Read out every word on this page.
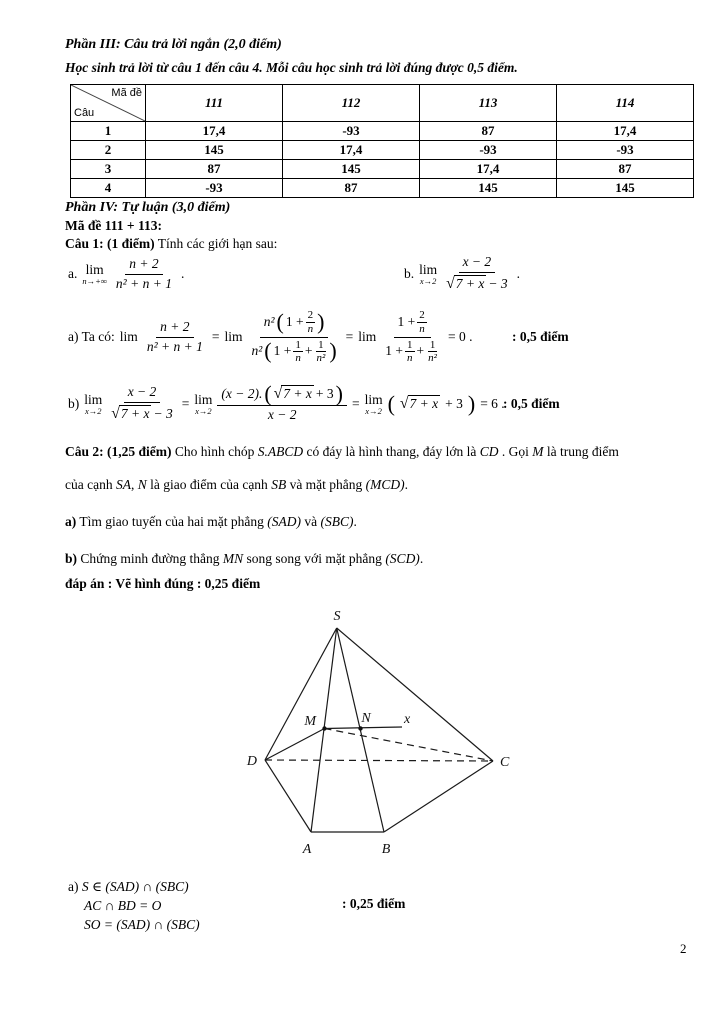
Phần III: Câu trả lời ngắn (2,0 điểm)
Học sinh trả lời từ câu 1 đến câu 4. Mỗi câu học sinh trả lời đúng được 0,5 điểm.
Mã đề
Câu	111	112	113	114
1	17,4	-93	87	17,4
2	145	17,4	-93	-93
3	87	145	17,4	87
4	-93	87	145	145
Phần IV: Tự luận (3,0 điểm)
Mã đề 111 + 113:
Câu 1: (1 điểm) Tính các giới hạn sau:
a. lim
n→+∞
n + 2
n² + n + 1
.	b. lim
x→2
x − 2
√ 7 + x − 3
.
a) Ta có: $\lim \frac{n + 2}{\text{n² + n + 1}} = \lim$
n² ( $1 + \frac{2}{n}$ )
n² ( $1 + \frac{1}{n} + \frac{1}{\text{n²}}$ )
= lim
$1 + \frac{2}{n}$
$1 + \frac{1}{n} + \frac{1}{\text{n²}}$
= 0 .	: 0,5 điểm
b) lim
$x\to 2 \frac{x - 2}{√ 7 + x - 3} = \lim$
x→2
(x − 2). ( √ 7 + x + 3 )
x − 2
= lim
x→2 ( √ 7 + x + 3 ) = 6 .
: 0,5 điểm
Câu 2: (1,25 điểm) Cho hình chóp S.ABCD có đáy là hình thang, đáy lớn là CD . Gọi M là trung điểm
của cạnh SA, N là giao điểm của cạnh SB và mặt phẳng (MCD).
a) Tìm giao tuyến của hai mặt phẳng (SAD) và (SBC).
b) Chứng minh đường thẳng MN song song với mặt phẳng (SCD).
đáp án : Vẽ hình đúng : 0,25 điểm
S
M	N x
D	C
A	B
a) S ∈ (SAD) ∩ (SBC)
AC ∩ BD = O
SO = (SAD) ∩ (SBC)
: 0,25 điểm
2
